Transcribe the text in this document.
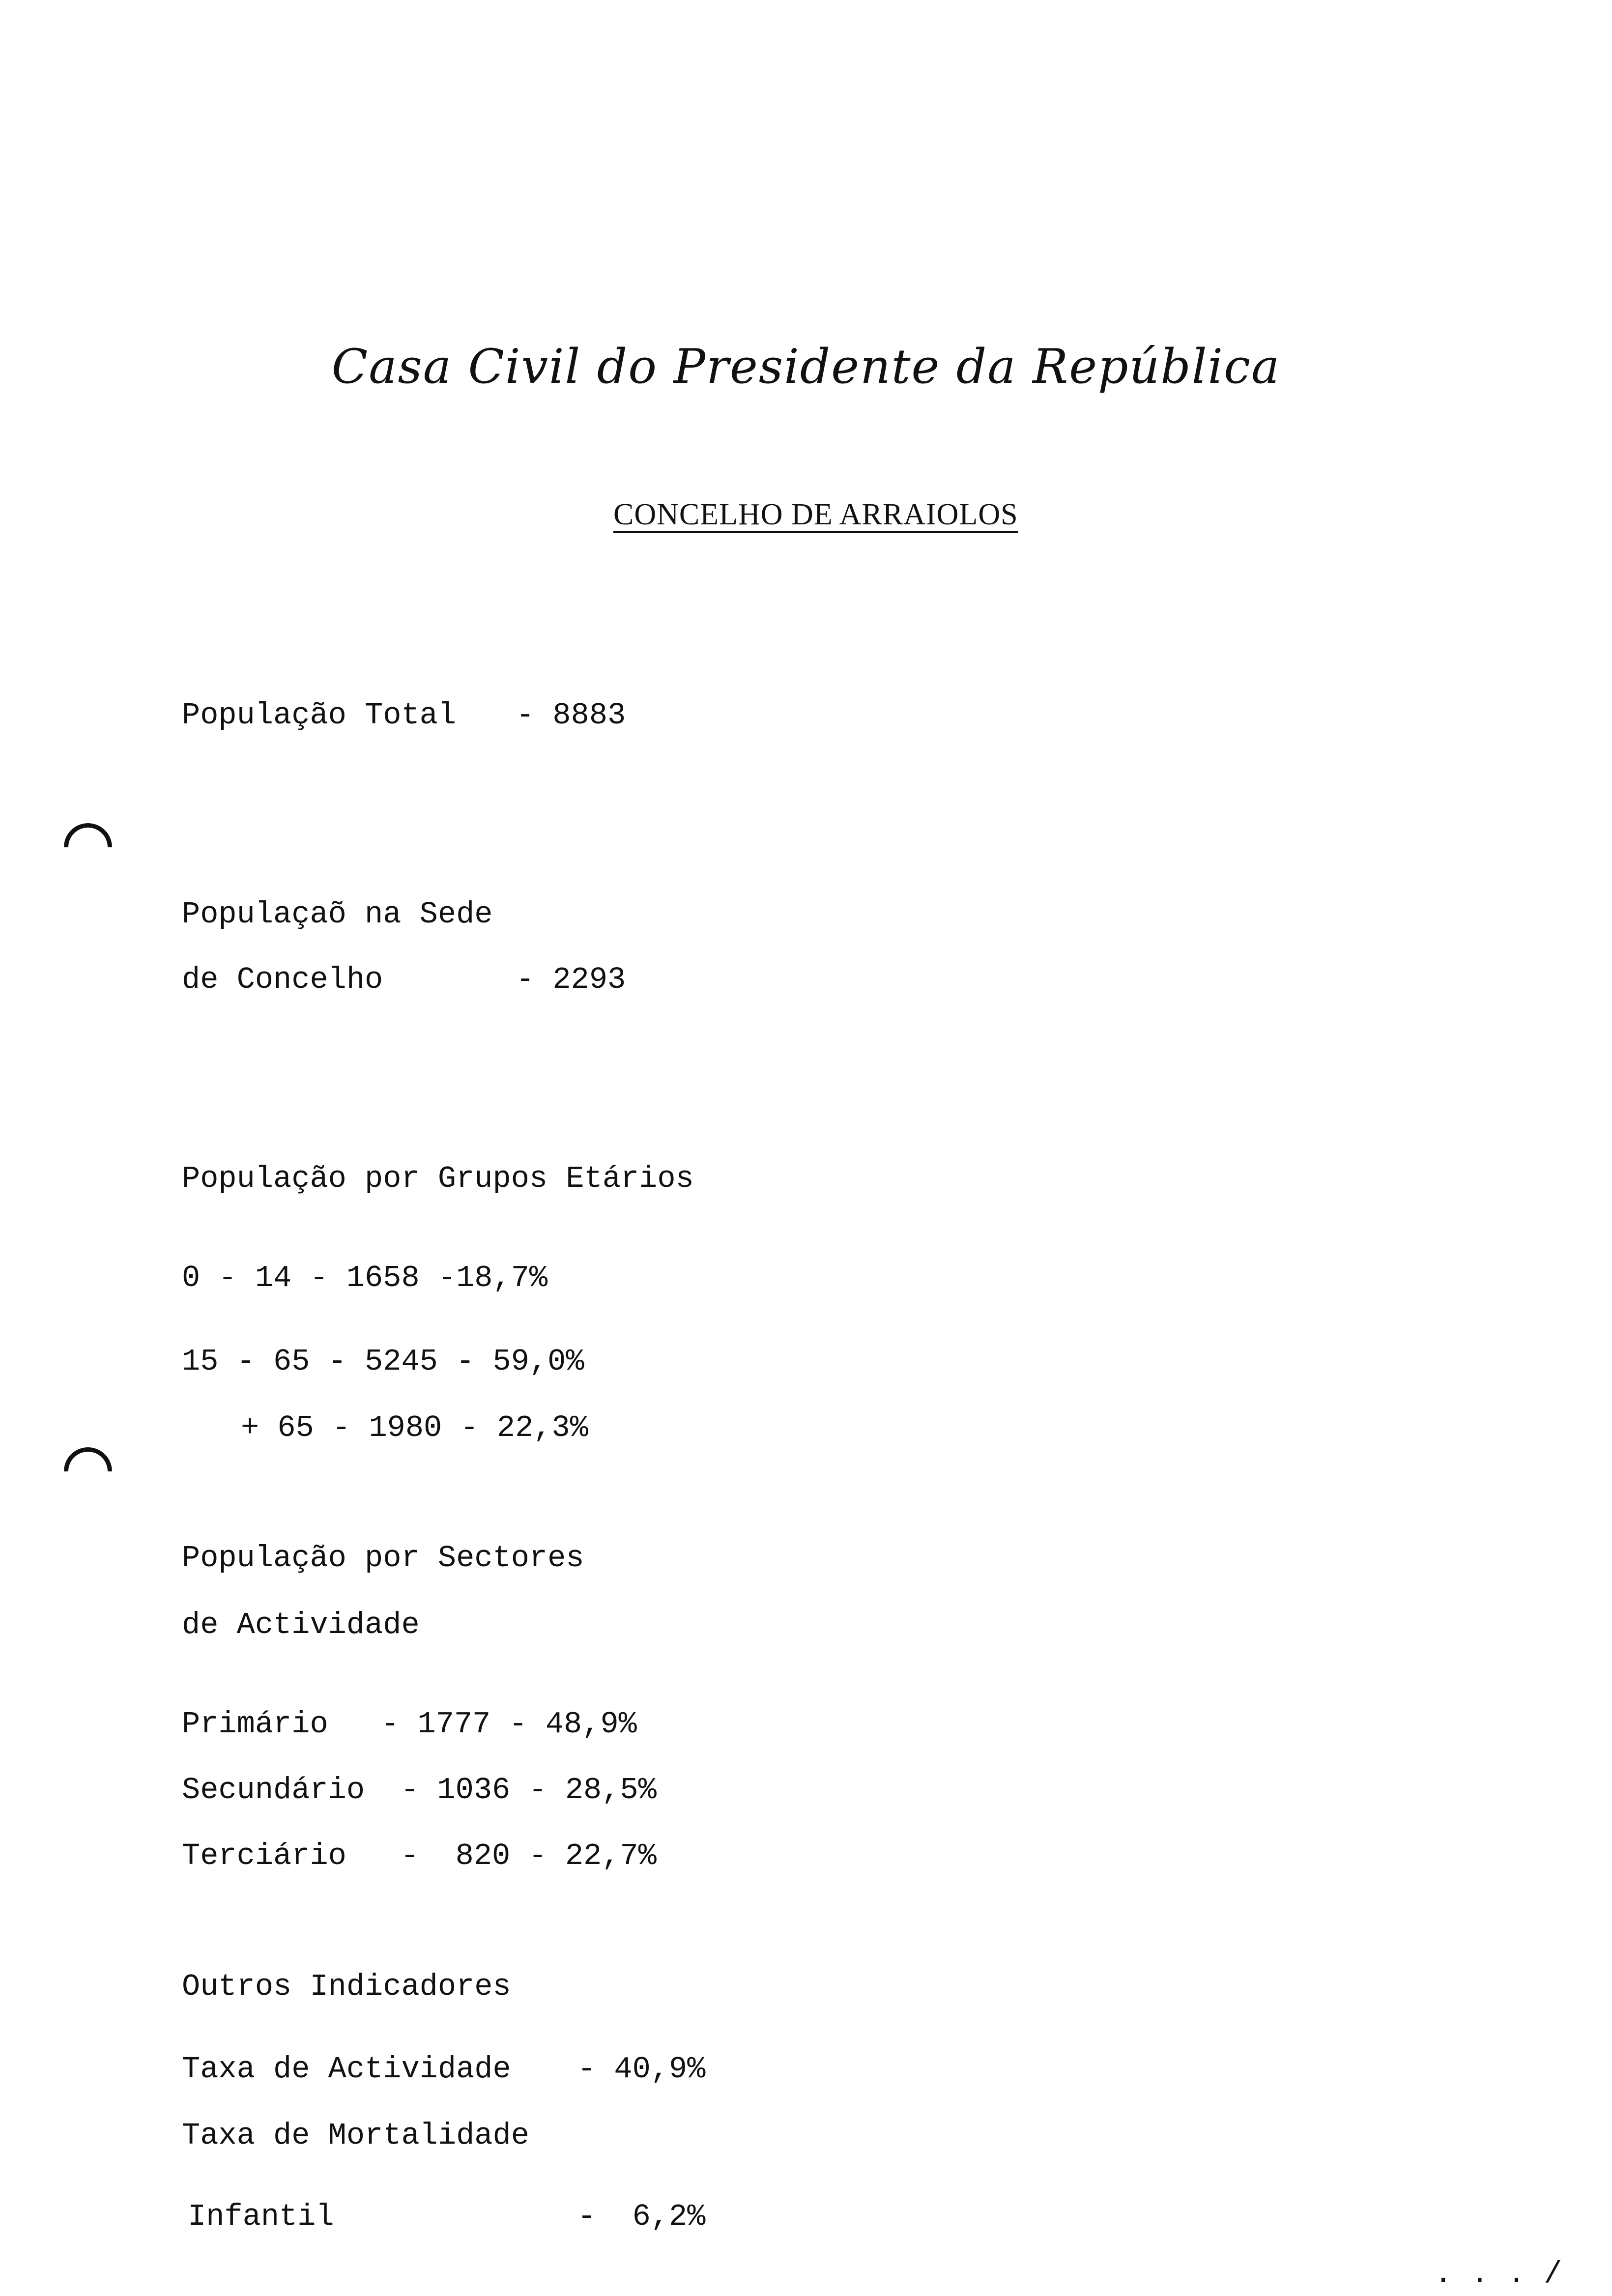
Casa Civil do Presidente da República
CONCELHO DE ARRAIOLOS
População Total - 8883
Populaçaõ na Sede
de Concelho	- 2293
População por Grupos Etários
0 - 14 - 1658 -18,7%
15 - 65 - 5245 - 59,0%
+ 65 - 1980 - 22,3%
População por Sectores
de Actividade
Primário - 1777 - 48,9%
Secundário - 1036 - 28,5%
Terciário -  820 - 22,7%
Outros Indicadores
Taxa de Actividade - 40,9%
Taxa de Mortalidade
Infantil	-  6,2%
. . . /
